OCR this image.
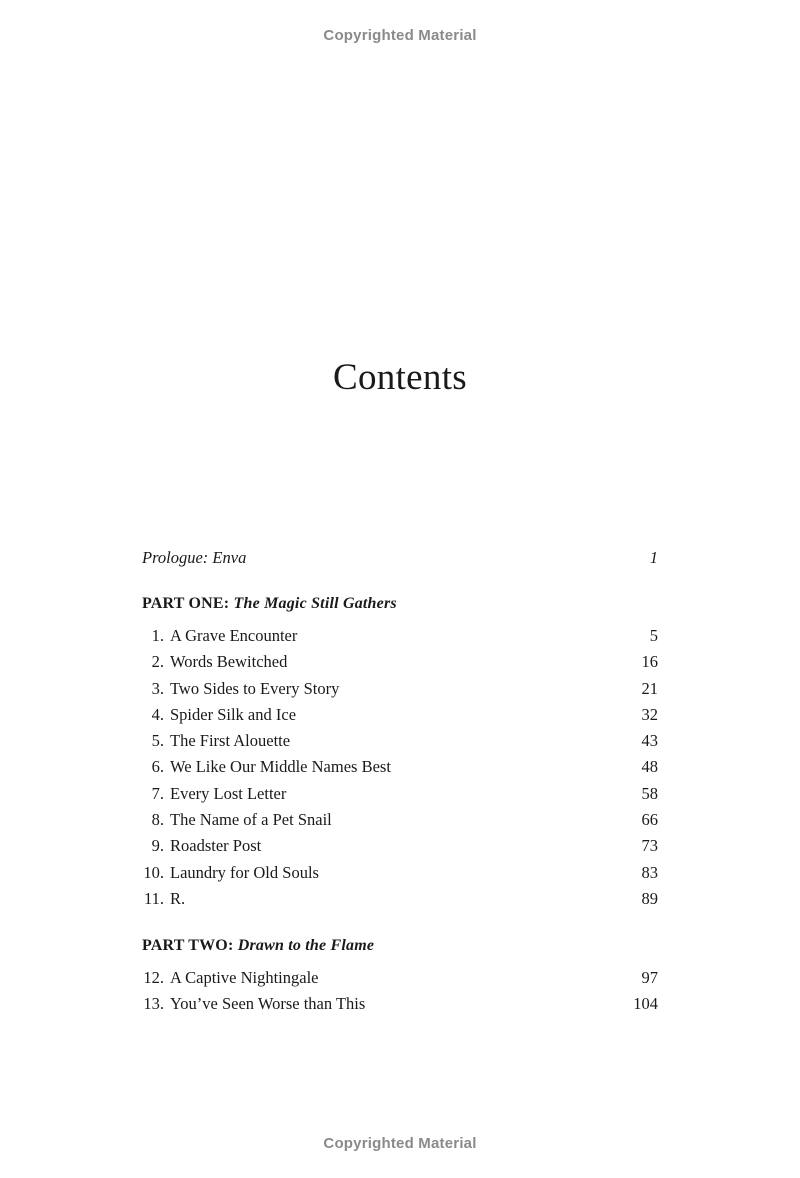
Copyrighted Material
Contents
Prologue: Enva	1
PART ONE: The Magic Still Gathers
1. A Grave Encounter	5
2. Words Bewitched	16
3. Two Sides to Every Story	21
4. Spider Silk and Ice	32
5. The First Alouette	43
6. We Like Our Middle Names Best	48
7. Every Lost Letter	58
8. The Name of a Pet Snail	66
9. Roadster Post	73
10. Laundry for Old Souls	83
11. R.	89
PART TWO: Drawn to the Flame
12. A Captive Nightingale	97
13. You’ve Seen Worse than This	104
Copyrighted Material
